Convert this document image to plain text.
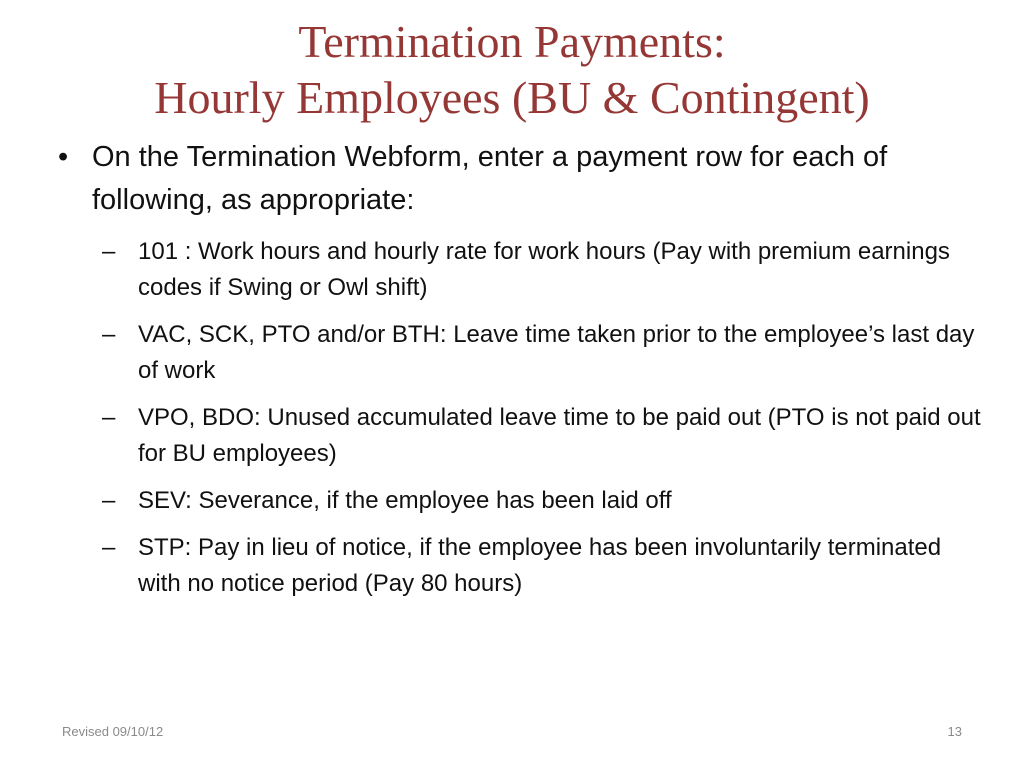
Termination Payments:
Hourly Employees (BU & Contingent)
• On the Termination Webform, enter a payment row for each of following, as appropriate:
– 101 : Work hours and hourly rate for work hours (Pay with premium earnings codes if Swing or Owl shift)
– VAC, SCK, PTO and/or BTH: Leave time taken prior to the employee’s last day of work
– VPO, BDO: Unused accumulated leave time to be paid out (PTO is not paid out for BU employees)
– SEV: Severance, if the employee has been laid off
– STP: Pay in lieu of notice, if the employee has been involuntarily terminated with no notice period (Pay 80 hours)
Revised 09/10/12	13
